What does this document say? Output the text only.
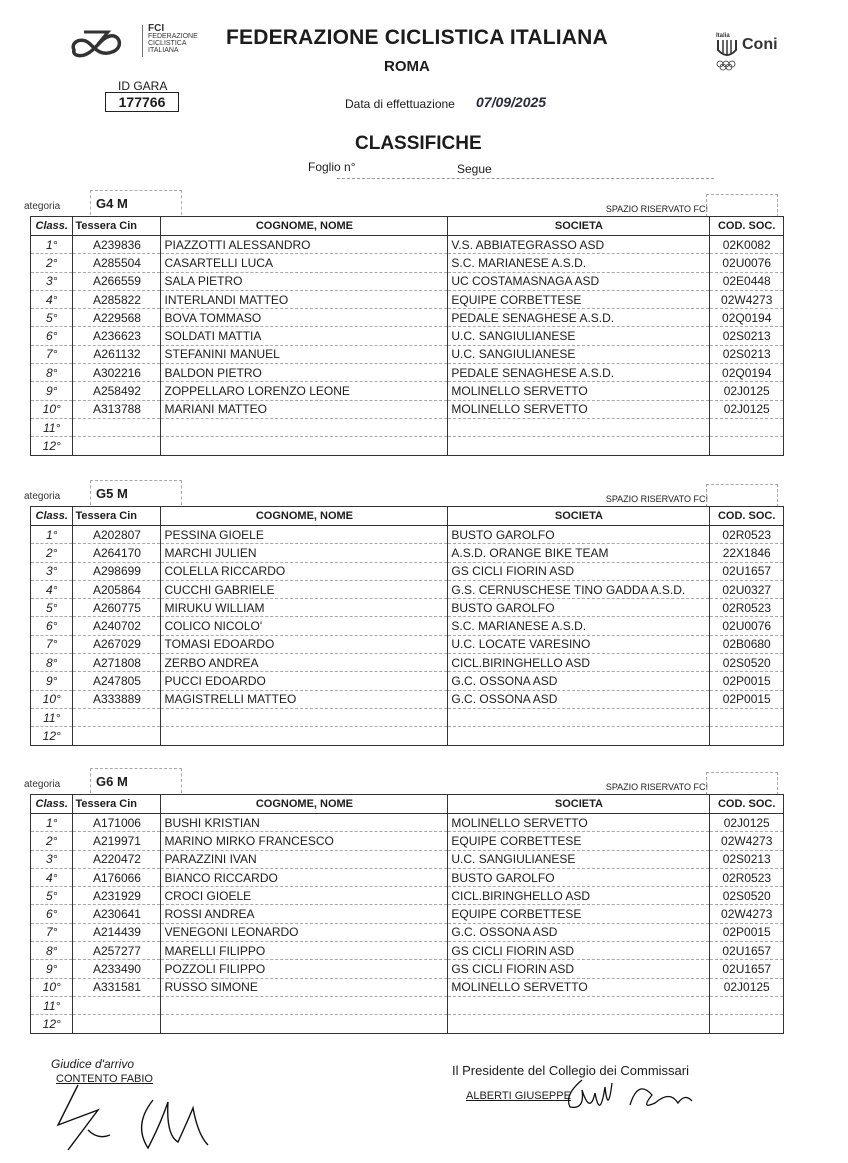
FCI
FEDERAZIONE
CICLISTICA
ITALIANA
FEDERAZIONE CICLISTICA ITALIANA
ROMA
Italia Coni
ID GARA
177766	Data di effettuazione 07/09/2025
CLASSIFICHE
Foglio n°	Segue
ategoria	G4 M	SPAZIO RISERVATO FCI
Class.	Tessera Cin	COGNOME, NOME	SOCIETA	COD. SOC.
1°	A239836	PIAZZOTTI ALESSANDRO	V.S. ABBIATEGRASSO ASD	02K0082
2°	A285504	CASARTELLI LUCA	S.C. MARIANESE A.S.D.	02U0076
3°	A266559	SALA PIETRO	UC COSTAMASNAGA ASD	02E0448
4°	A285822	INTERLANDI MATTEO	EQUIPE CORBETTESE	02W4273
5°	A229568	BOVA TOMMASO	PEDALE SENAGHESE A.S.D.	02Q0194
6°	A236623	SOLDATI MATTIA	U.C. SANGIULIANESE	02S0213
7°	A261132	STEFANINI MANUEL	U.C. SANGIULIANESE	02S0213
8°	A302216	BALDON PIETRO	PEDALE SENAGHESE A.S.D.	02Q0194
9°	A258492	ZOPPELLARO LORENZO LEONE	MOLINELLO SERVETTO	02J0125
10°	A313788	MARIANI MATTEO	MOLINELLO SERVETTO	02J0125
11°				
12°				
ategoria	G5 M	SPAZIO RISERVATO FCI
Class.	Tessera Cin	COGNOME, NOME	SOCIETA	COD. SOC.
1°	A202807	PESSINA GIOELE	BUSTO GAROLFO	02R0523
2°	A264170	MARCHI JULIEN	A.S.D. ORANGE BIKE TEAM	22X1846
3°	A298699	COLELLA RICCARDO	GS CICLI FIORIN ASD	02U1657
4°	A205864	CUCCHI GABRIELE	G.S. CERNUSCHESE TINO GADDA A.S.D.	02U0327
5°	A260775	MIRUKU WILLIAM	BUSTO GAROLFO	02R0523
6°	A240702	COLICO NICOLO'	S.C. MARIANESE A.S.D.	02U0076
7°	A267029	TOMASI EDOARDO	U.C. LOCATE VARESINO	02B0680
8°	A271808	ZERBO ANDREA	CICL.BIRINGHELLO ASD	02S0520
9°	A247805	PUCCI EDOARDO	G.C. OSSONA ASD	02P0015
10°	A333889	MAGISTRELLI MATTEO	G.C. OSSONA ASD	02P0015
11°				
12°				
ategoria	G6 M	SPAZIO RISERVATO FCI
Class.	Tessera Cin	COGNOME, NOME	SOCIETA	COD. SOC.
1°	A171006	BUSHI KRISTIAN	MOLINELLO SERVETTO	02J0125
2°	A219971	MARINO MIRKO FRANCESCO	EQUIPE CORBETTESE	02W4273
3°	A220472	PARAZZINI IVAN	U.C. SANGIULIANESE	02S0213
4°	A176066	BIANCO RICCARDO	BUSTO GAROLFO	02R0523
5°	A231929	CROCI GIOELE	CICL.BIRINGHELLO ASD	02S0520
6°	A230641	ROSSI ANDREA	EQUIPE CORBETTESE	02W4273
7°	A214439	VENEGONI LEONARDO	G.C. OSSONA ASD	02P0015
8°	A257277	MARELLI FILIPPO	GS CICLI FIORIN ASD	02U1657
9°	A233490	POZZOLI FILIPPO	GS CICLI FIORIN ASD	02U1657
10°	A331581	RUSSO SIMONE	MOLINELLO SERVETTO	02J0125
11°				
12°				
Giudice d'arrivo
CONTENTO FABIO
Il Presidente del Collegio dei Commissari
ALBERTI GIUSEPPE
